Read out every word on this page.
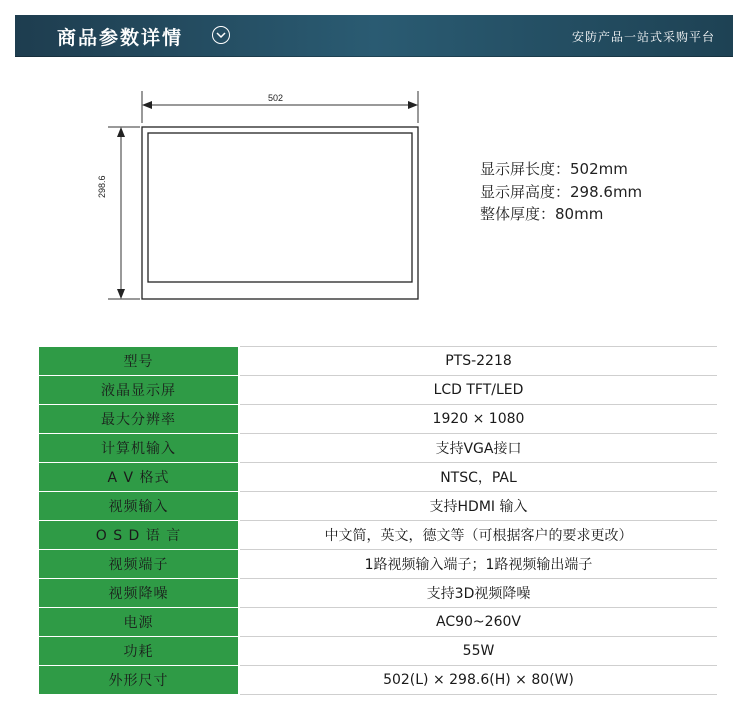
商品参数详情	安防产品一站式采购平台
502
298.6
显示屏长度：502mm
显示屏高度：298.6mm
整体厚度：80mm
型号		PTS-2218
液晶显示屏		LCD TFT/LED
最大分辨率		1920 × 1080
计算机输入		支持VGA接口
A V 格式		NTSC，PAL
视频输入		支持HDMI 输入
O S D 语 言		中文简，英文，德文等（可根据客户的要求更改）
视频端子		1路视频输入端子；1路视频输出端子
视频降噪		支持3D视频降噪
电源		AC90~260V
功耗		55W
外形尺寸		502(L) × 298.6(H) × 80(W)
